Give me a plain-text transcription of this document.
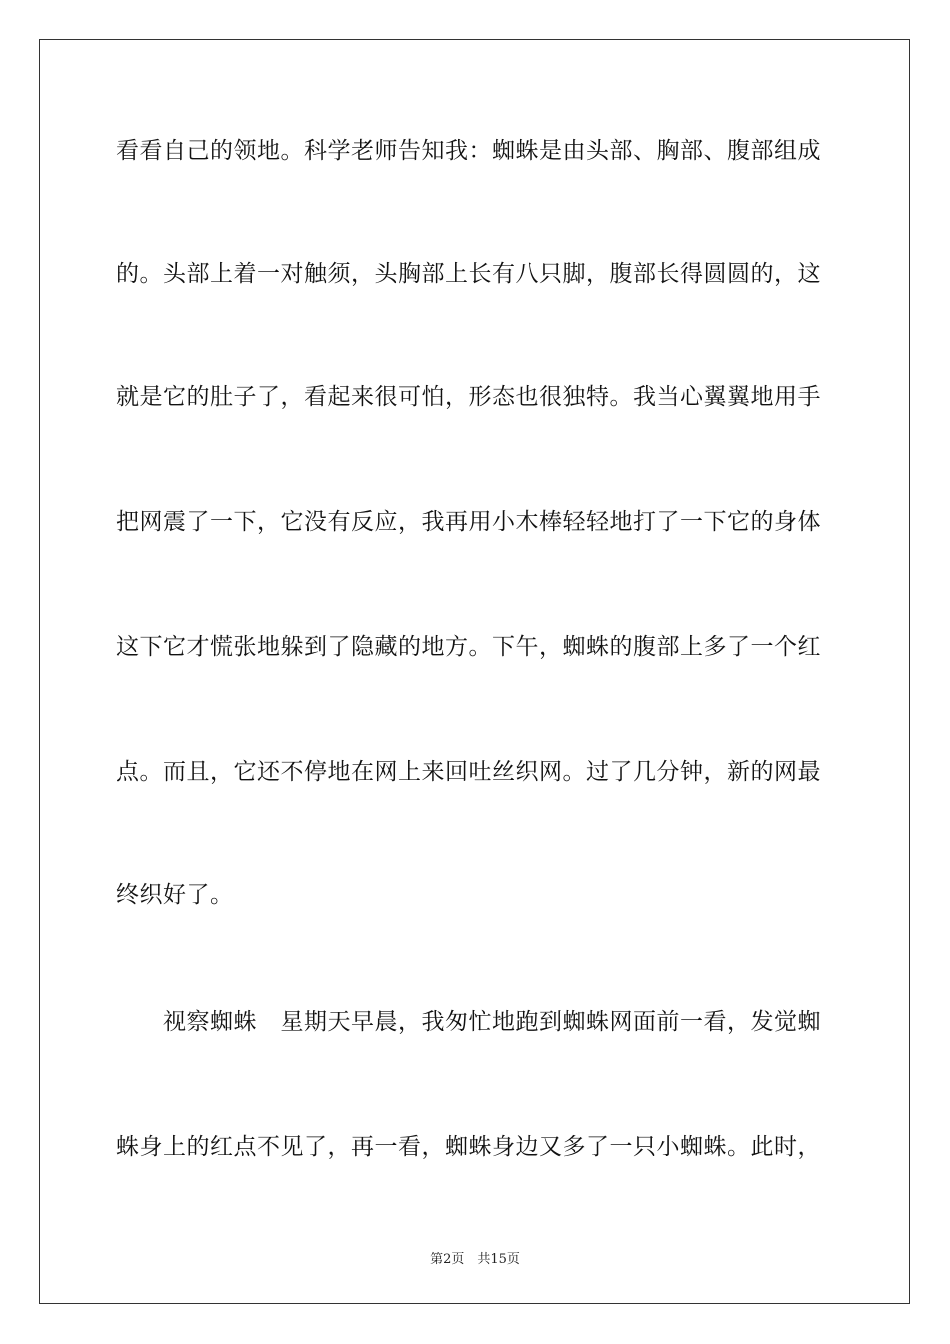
看看自己的领地。科学老师告知我：蜘蛛是由头部、胸部、腹部组成
的。头部上着一对触须，头胸部上长有八只脚，腹部长得圆圆的，这
就是它的肚子了，看起来很可怕，形态也很独特。我当心翼翼地用手
把网震了一下，它没有反应，我再用小木棒轻轻地打了一下它的身体
这下它才慌张地躲到了隐藏的地方。下午，蜘蛛的腹部上多了一个红
点。而且，它还不停地在网上来回吐丝织网。过了几分钟，新的网最
终织好了。
　　视察蜘蛛　星期天早晨，我匆忙地跑到蜘蛛网面前一看，发觉蜘
蛛身上的红点不见了，再一看，蜘蛛身边又多了一只小蜘蛛。此时，
第2页　共15页
